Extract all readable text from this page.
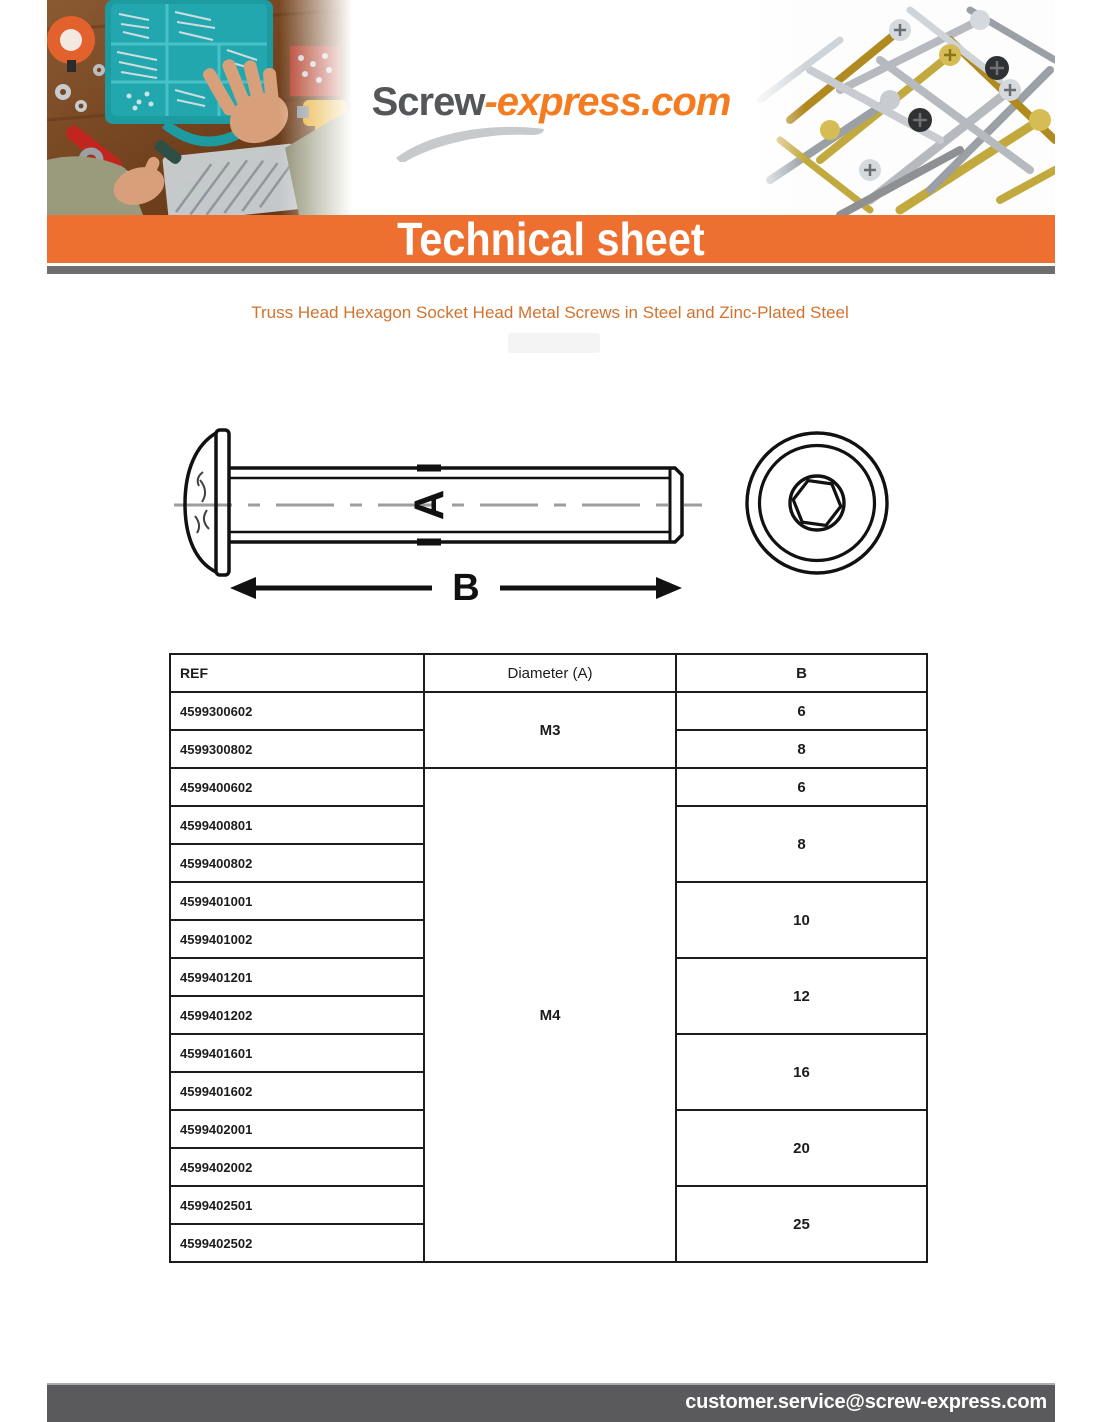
Screw-express.com
Technical sheet
Truss Head Hexagon Socket Head Metal Screws in Steel and Zinc-Plated Steel
A
B
REF	Diameter (A)	B
4599300602	M3	6
4599300802		8
4599400602	M4	6
4599400801		8
4599400802		
4599401001		10
4599401002		
4599401201		12
4599401202		
4599401601		16
4599401602		
4599402001		20
4599402002		
4599402501		25
4599402502		
customer.service@screw-express.com
